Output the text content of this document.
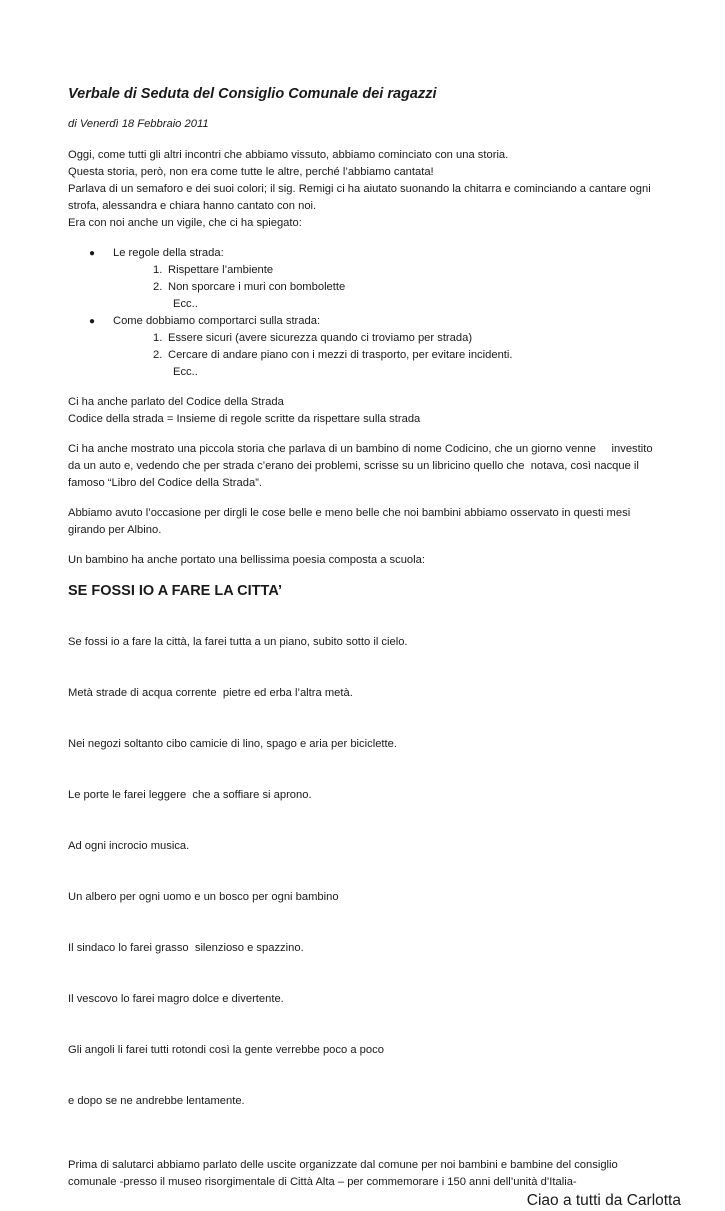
Verbale di Seduta del Consiglio Comunale dei ragazzi

di Venerdì 18 Febbraio 2011

Oggi, come tutti gli altri incontri che abbiamo vissuto, abbiamo cominciato con una storia.

Questa storia, però, non era come tutte le altre, perché l’abbiamo cantata!

Parlava di un semaforo e dei suoi colori; il sig. Remigi ci ha aiutato suonando la chitarra e cominciando a cantare ogni strofa, alessandra e chiara hanno cantato con noi.

Era con noi anche un vigile, che ci ha spiegato:

● Le regole della strada:
1. Rispettare l’ambiente
2. Non sporcare i muri con bombolette
Ecc..
● Come dobbiamo comportarci sulla strada:
1. Essere sicuri (avere sicurezza quando ci troviamo per strada)
2. Cercare di andare piano con i mezzi di trasporto, per evitare incidenti.
Ecc..

Ci ha anche parlato del Codice della Strada

Codice della strada = Insieme di regole scritte da rispettare sulla strada

Ci ha anche mostrato una piccola storia che parlava di un bambino di nome Codicino, che un giorno venne     investito da un auto e, vedendo che per strada c’erano dei problemi, scrisse su un libricino quello che  notava, così nacque il famoso “Libro del Codice della Strada”.

Abbiamo avuto l’occasione per dirgli le cose belle e meno belle che noi bambini abbiamo osservato in questi mesi girando per Albino.

Un bambino ha anche portato una bellissima poesia composta a scuola:

SE FOSSI IO A FARE LA CITTA’

Se fossi io a fare la città, la farei tutta a un piano, subito sotto il cielo.

Metà strade di acqua corrente  pietre ed erba l’altra metà.

Nei negozi soltanto cibo camicie di lino, spago e aria per biciclette.

Le porte le farei leggere  che a soffiare si aprono.

Ad ogni incrocio musica.

Un albero per ogni uomo e un bosco per ogni bambino

Il sindaco lo farei grasso  silenzioso e spazzino.

Il vescovo lo farei magro dolce e divertente.

Gli angoli li farei tutti rotondi così la gente verrebbe poco a poco

e dopo se ne andrebbe lentamente.

Prima di salutarci abbiamo parlato delle uscite organizzate dal comune per noi bambini e bambine del consiglio comunale -presso il museo risorgimentale di Città Alta – per commemorare i 150 anni dell’unità d’Italia-

Ciao a tutti da Carlotta
